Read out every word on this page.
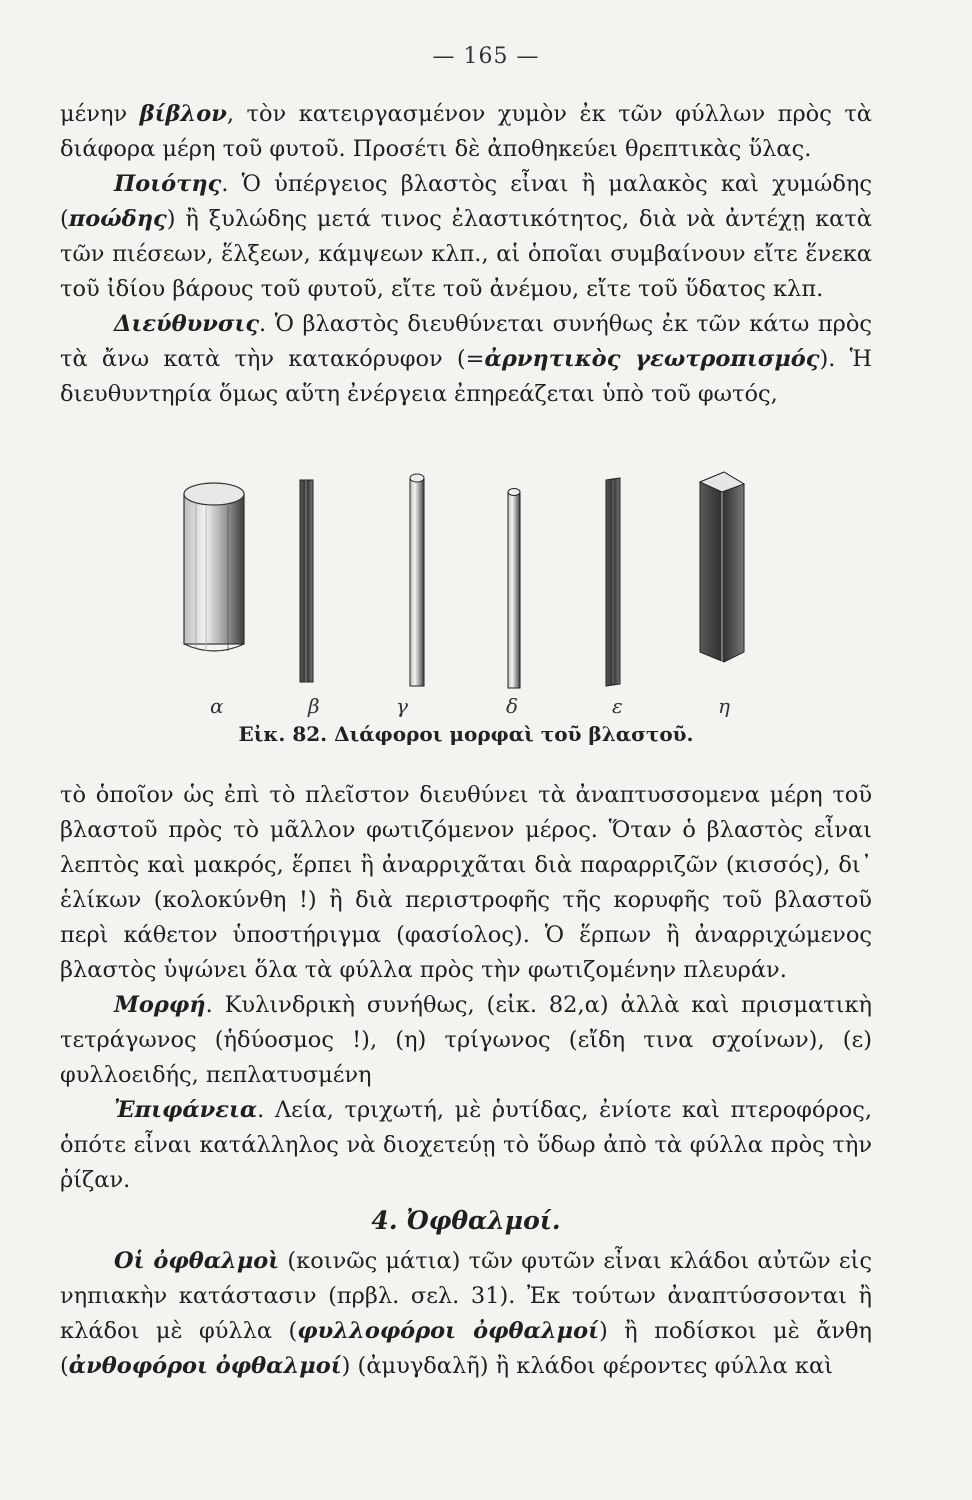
— 165 —

μένην βίβλον, τὸν κατειργασμένον χυμὸν ἐκ τῶν φύλλων πρὸς τὰ διάφορα μέρη τοῦ φυτοῦ. Προσέτι δὲ ἀποθηκεύει θρεπτικὰς ὕλας.

Ποιότης. Ὁ ὑπέργειος βλαστὸς εἶναι ἢ μαλακὸς καὶ χυμώδης (ποώδης) ἢ ξυλώδης μετά τινος ἐλαστικότητος, διὰ νὰ ἀντέχῃ κατὰ τῶν πιέσεων, ἕλξεων, κάμψεων κλπ., αἱ ὁποῖαι συμβαίνουν εἴτε ἕνεκα τοῦ ἰδίου βάρους τοῦ φυτοῦ, εἴτε τοῦ ἀνέμου, εἴτε τοῦ ὕδατος κλπ.

Διεύθυνσις. Ὁ βλαστὸς διευθύνεται συνήθως ἐκ τῶν κάτω πρὸς τὰ ἄνω κατὰ τὴν κατακόρυφον (=ἀρνητικὸς γεωτροπισμός). Ἡ διευθυντηρία ὅμως αὕτη ἐνέργεια ἐπηρεάζεται ὑπὸ τοῦ φωτός,

α	β	γ	δ	ε	η
Εἰκ. 82. Διάφοροι μορφαὶ τοῦ βλαστοῦ.

τὸ ὁποῖον ὡς ἐπὶ τὸ πλεῖστον διευθύνει τὰ ἀναπτυσσομενα μέρη τοῦ βλαστοῦ πρὸς τὸ μᾶλλον φωτιζόμενον μέρος. Ὅταν ὁ βλαστὸς εἶναι λεπτὸς καὶ μακρός, ἕρπει ἢ ἀναρριχᾶται διὰ παραρριζῶν (κισσός), δι᾿ ἑλίκων (κολοκύνθη !) ἢ διὰ περιστροφῆς τῆς κορυφῆς τοῦ βλαστοῦ περὶ κάθετον ὑποστήριγμα (φασίολος). Ὁ ἕρπων ἢ ἀναρριχώμενος βλαστὸς ὑψώνει ὅλα τὰ φύλλα πρὸς τὴν φωτιζομένην πλευράν.

Μορφή. Κυλινδρικὴ συνήθως, (εἰκ. 82,α) ἀλλὰ καὶ πρισματικὴ τετράγωνος (ἡδύοσμος !), (η) τρίγωνος (εἴδη τινα σχοίνων), (ε) φυλλοειδής, πεπλατυσμένη

Ἐπιφάνεια. Λεία, τριχωτή, μὲ ῥυτίδας, ἐνίοτε καὶ πτεροφόρος, ὁπότε εἶναι κατάλληλος νὰ διοχετεύῃ τὸ ὕδωρ ἀπὸ τὰ φύλλα πρὸς τὴν ῥίζαν.

4. Ὀφθαλμοί.

Οἱ ὀφθαλμοὶ (κοινῶς μάτια) τῶν φυτῶν εἶναι κλάδοι αὐτῶν εἰς νηπιακὴν κατάστασιν (πρβλ. σελ. 31). Ἐκ τούτων ἀναπτύσσονται ἢ κλάδοι μὲ φύλλα (φυλλοφόροι ὀφθαλμοί) ἢ ποδίσκοι μὲ ἄνθη (ἀνθοφόροι ὀφθαλμοί) (ἀμυγδαλῆ) ἢ κλάδοι φέροντες φύλλα καὶ
